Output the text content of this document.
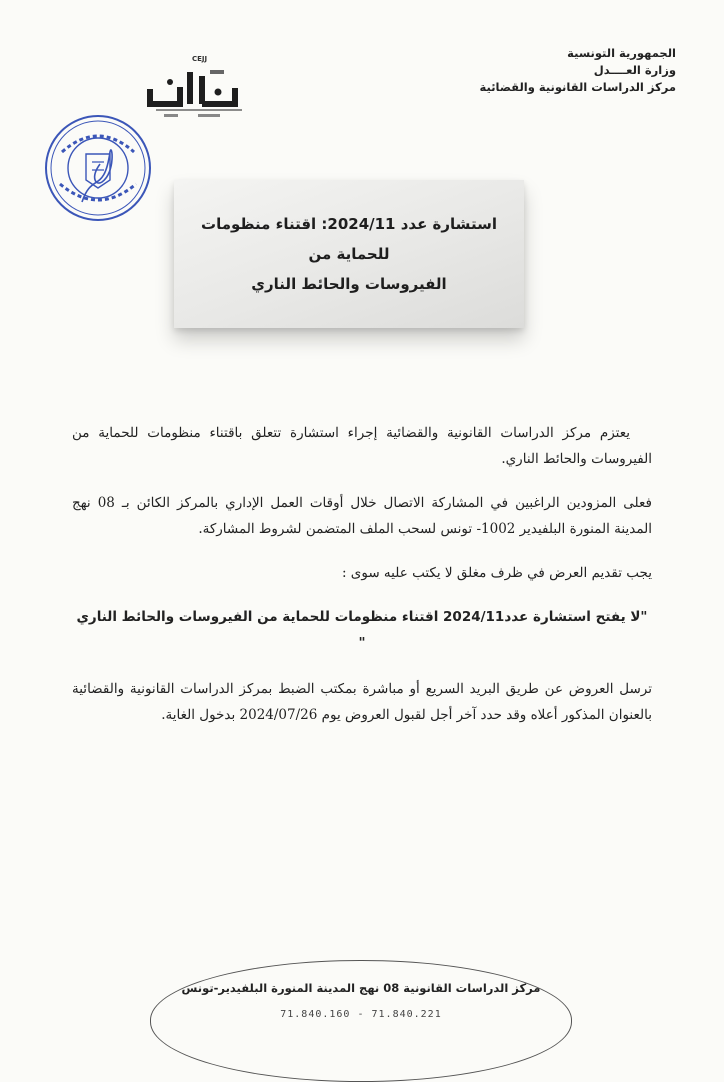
الجمهورية التونسية
وزارة العــــدل
مركز الدراسات القانونية والقضائية
CEJJ
استشارة عدد 2024/11: اقتناء منظومات للحماية من
الفيروسات والحائط الناري

يعتزم مركز الدراسات القانونية والقضائية إجراء استشارة تتعلق باقتناء منظومات للحماية من الفيروسات والحائط الناري.

فعلى المزودين الراغبين في المشاركة الاتصال خلال أوقات العمل الإداري بالمركز الكائن بـ 08 نهج المدينة المنورة البلفيدير 1002- تونس لسحب الملف المتضمن لشروط المشاركة.

يجب تقديم العرض في ظرف مغلق لا يكتب عليه سوى :

"لا يفتح استشارة عدد2024/11 اقتناء منظومات للحماية من الفيروسات والحائط الناري "

ترسل العروض عن طريق البريد السريع أو مباشرة بمكتب الضبط بمركز الدراسات القانونية والقضائية بالعنوان المذكور أعلاه وقد حدد آخر أجل لقبول العروض يوم 2024/07/26 بدخول الغاية.

مركز الدراسات القانونية 08 نهج المدينة المنورة البلفيدير-تونس
71.840.160 - 71.840.221
